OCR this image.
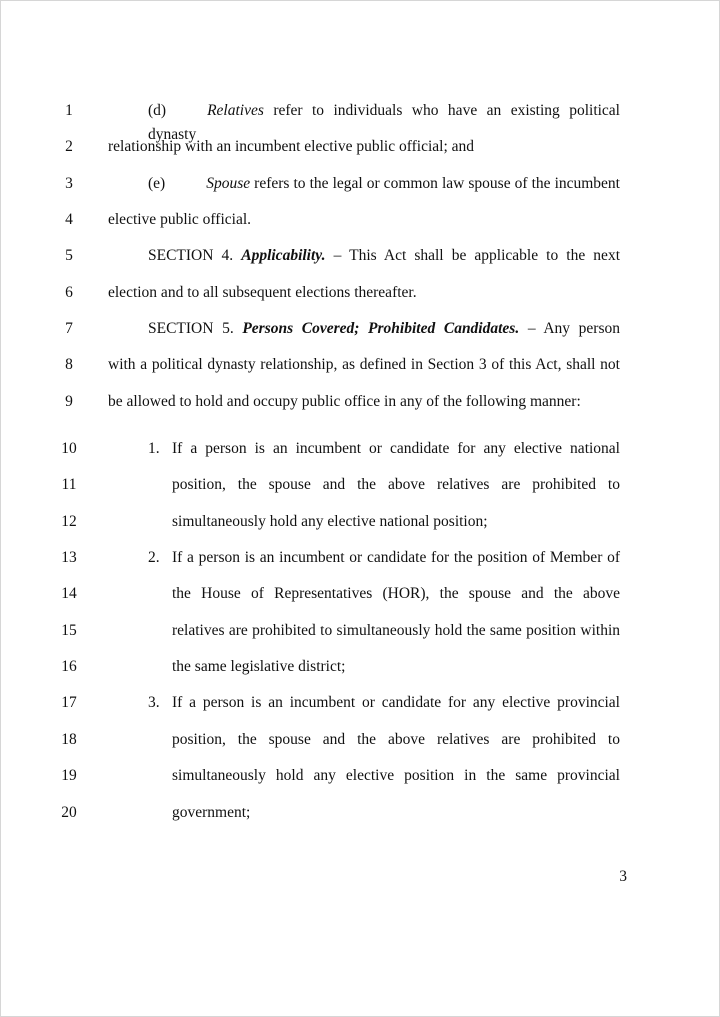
1	(d)	Relatives refer to individuals who have an existing political dynasty
2	relationship with an incumbent elective public official; and
3	(e)	Spouse refers to the legal or common law spouse of the incumbent
4	elective public official.
5	SECTION 4. Applicability. – This Act shall be applicable to the next
6	election and to all subsequent elections thereafter.
7	SECTION 5. Persons Covered; Prohibited Candidates. – Any person
8	with a political dynasty relationship, as defined in Section 3 of this Act, shall not
9	be allowed to hold and occupy public office in any of the following manner:
10	1. If a person is an incumbent or candidate for any elective national
11	position, the spouse and the above relatives are prohibited to
12	simultaneously hold any elective national position;
13	2. If a person is an incumbent or candidate for the position of Member of
14	the House of Representatives (HOR), the spouse and the above
15	relatives are prohibited to simultaneously hold the same position within
16	the same legislative district;
17	3. If a person is an incumbent or candidate for any elective provincial
18	position, the spouse and the above relatives are prohibited to
19	simultaneously hold any elective position in the same provincial
20	government;
3
